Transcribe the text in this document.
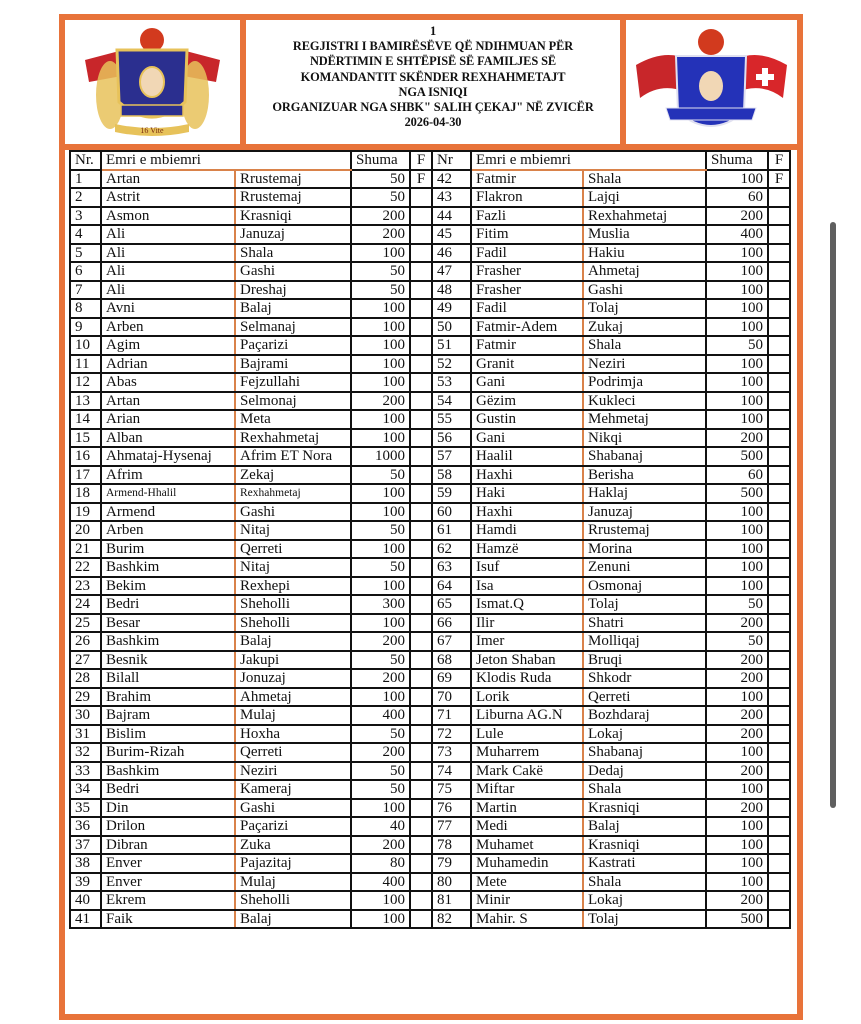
16 Vite
1
REGJISTRI I BAMIRËSËVE QË NDIHMUAN PËR
NDËRTIMIN E SHTËPISË SË FAMILJES SË
KOMANDANTIT SKËNDER REXHAHMETAJT
NGA ISNIQI
ORGANIZUAR NGA SHBK" SALIH ÇEKAJ" NË ZVICËR
2026-04-30
Nr.	Emri e mbiemri		Shuma	F
1	Artan	Rrustemaj	50	F
2	Astrit	Rrustemaj	50	
3	Asmon	Krasniqi	200	
4	Ali	Januzaj	200	
5	Ali	Shala	100	
6	Ali	Gashi	50	
7	Ali	Dreshaj	50	
8	Avni	Balaj	100	
9	Arben	Selmanaj	100	
10	Agim	Paçarizi	100	
11	Adrian	Bajrami	100	
12	Abas	Fejzullahi	100	
13	Artan	Selmonaj	200	
14	Arian	Meta	100	
15	Alban	Rexhahmetaj	100	
16	Ahmataj-Hysenaj	Afrim ET Nora	1000	
17	Afrim	Zekaj	50	
18	Armend-Hhalil	Rexhahmetaj	100	
19	Armend	Gashi	100	
20	Arben	Nitaj	50	
21	Burim	Qerreti	100	
22	Bashkim	Nitaj	50	
23	Bekim	Rexhepi	100	
24	Bedri	Sheholli	300	
25	Besar	Sheholli	100	
26	Bashkim	Balaj	200	
27	Besnik	Jakupi	50	
28	Bilall	Jonuzaj	200	
29	Brahim	Ahmetaj	100	
30	Bajram	Mulaj	400	
31	Bislim	Hoxha	50	
32	Burim-Rizah	Qerreti	200	
33	Bashkim	Neziri	50	
34	Bedri	Kameraj	50	
35	Din	Gashi	100	
36	Drilon	Paçarizi	40	
37	Dibran	Zuka	200	
38	Enver	Pajazitaj	80	
39	Enver	Mulaj	400	
40	Ekrem	Sheholli	100	
41	Faik	Balaj	100	
Nr	Emri e mbiemri		Shuma	F
42	Fatmir	Shala	100	F
43	Flakron	Lajqi	60	
44	Fazli	Rexhahmetaj	200	
45	Fitim	Muslia	400	
46	Fadil	Hakiu	100	
47	Frasher	Ahmetaj	100	
48	Frasher	Gashi	100	
49	Fadil	Tolaj	100	
50	Fatmir-Adem	Zukaj	100	
51	Fatmir	Shala	50	
52	Granit	Neziri	100	
53	Gani	Podrimja	100	
54	Gëzim	Kukleci	100	
55	Gustin	Mehmetaj	100	
56	Gani	Nikqi	200	
57	Haalil	Shabanaj	500	
58	Haxhi	Berisha	60	
59	Haki	Haklaj	500	
60	Haxhi	Januzaj	100	
61	Hamdi	Rrustemaj	100	
62	Hamzë	Morina	100	
63	Isuf	Zenuni	100	
64	Isa	Osmonaj	100	
65	Ismat.Q	Tolaj	50	
66	Ilir	Shatri	200	
67	Imer	Molliqaj	50	
68	Jeton Shaban	Bruqi	200	
69	Klodis Ruda	Shkodr	200	
70	Lorik	Qerreti	100	
71	Liburna AG.N	Bozhdaraj	200	
72	Lule	Lokaj	200	
73	Muharrem	Shabanaj	100	
74	Mark Cakë	Dedaj	200	
75	Miftar	Shala	100	
76	Martin	Krasniqi	200	
77	Medi	Balaj	100	
78	Muhamet	Krasniqi	100	
79	Muhamedin	Kastrati	100	
80	Mete	Shala	100	
81	Minir	Lokaj	200	
82	Mahir. S	Tolaj	500	
